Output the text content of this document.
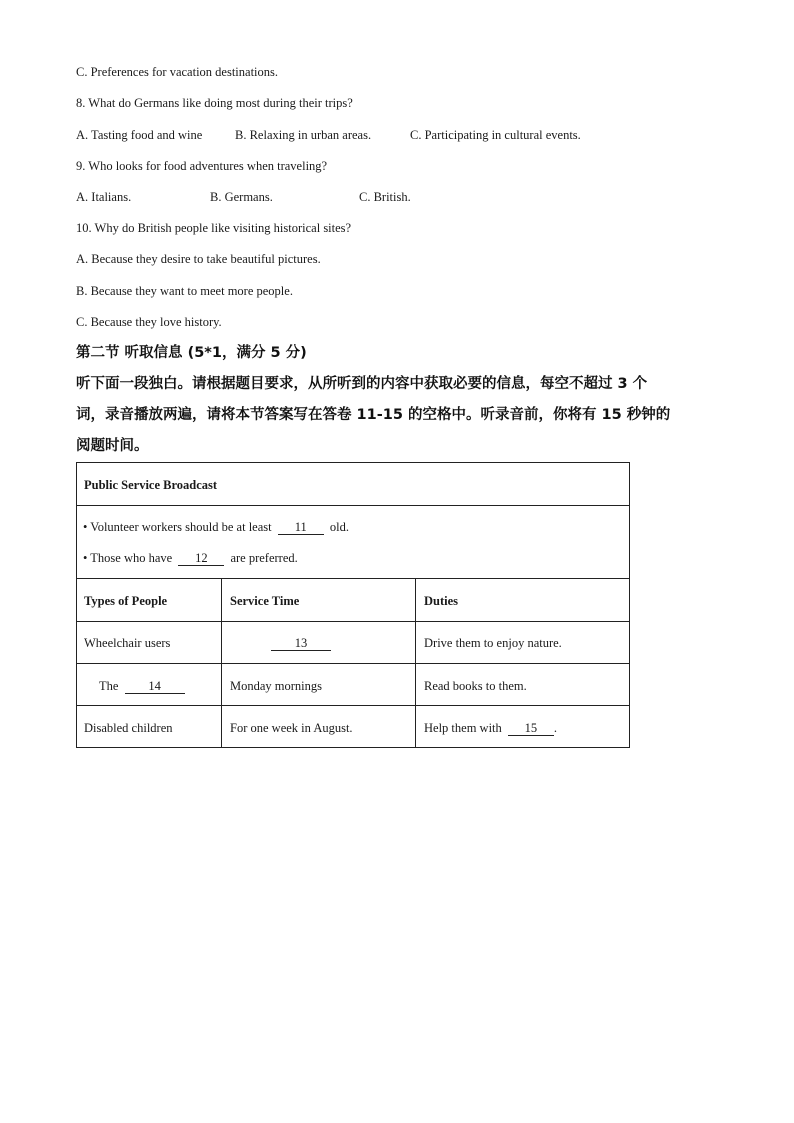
C. Preferences for vacation destinations.
8. What do Germans like doing most during their trips?
A. Tasting food and wine	B. Relaxing in urban areas.	C. Participating in cultural events.
9. Who looks for food adventures when traveling?
A. Italians.	B. Germans.	C. British.
10. Why do British people like visiting historical sites?
A. Because they desire to take beautiful pictures.
B. Because they want to meet more people.
C. Because they love history.
第二节 听取信息 (5*1，满分 5 分)
听下面一段独白。请根据题目要求，从所听到的内容中获取必要的信息，每空不超过 3 个
词，录音播放两遍，请将本节答案写在答卷 11-15 的空格中。听录音前，你将有 15 秒钟的
阅题时间。
Public Service Broadcast
• Volunteer workers should be at least 11 old.
• Those who have 12 are preferred.
Types of People	Service Time	Duties
Wheelchair users	13	Drive them to enjoy nature.
The 14	Monday mornings	Read books to them.
Disabled children	For one week in August.	Help them with 15 .
